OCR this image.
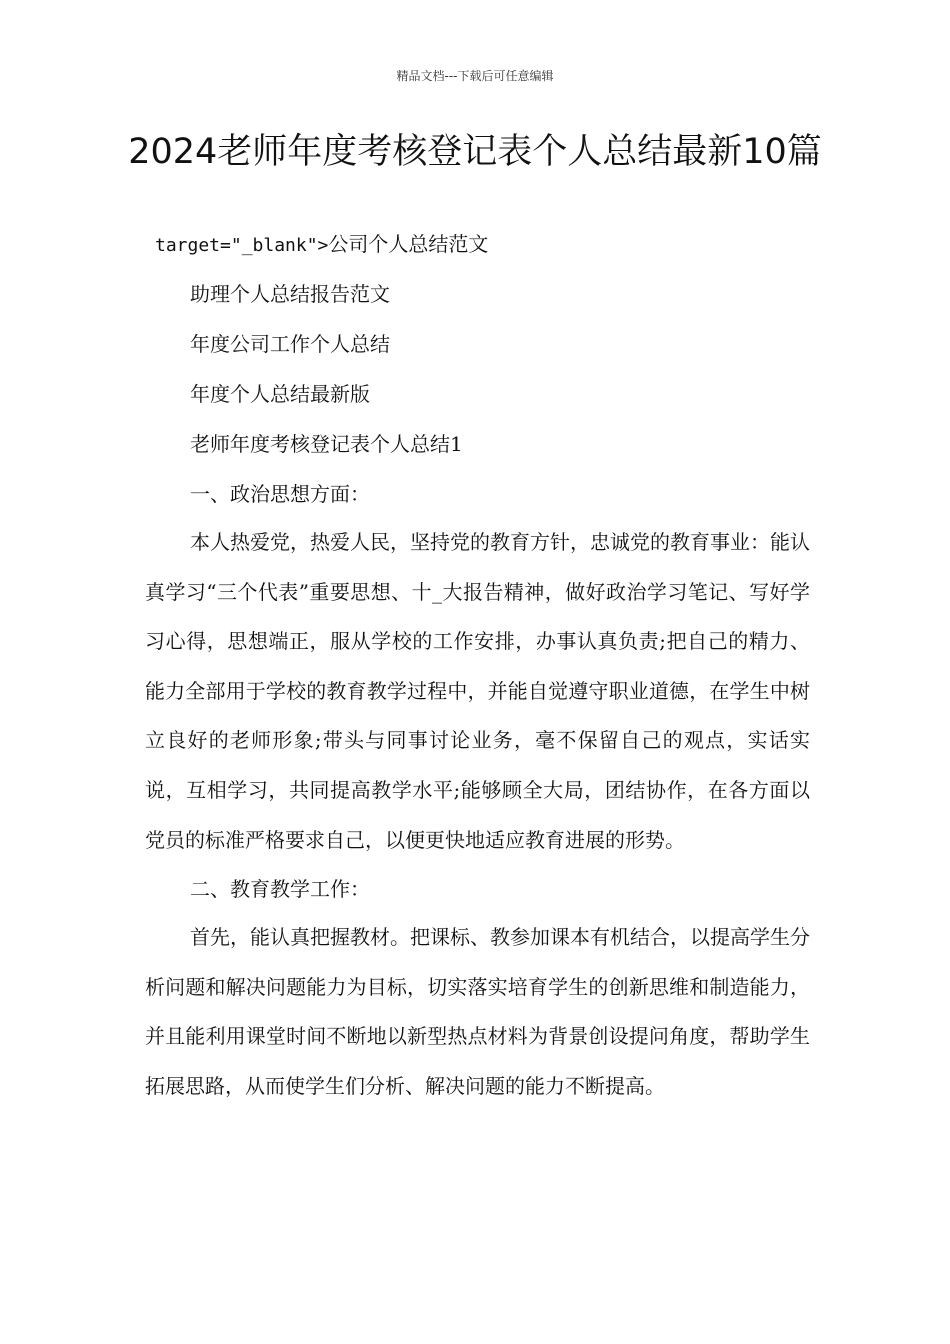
精品文档---下载后可任意编辑
2024老师年度考核登记表个人总结最新10篇
target="_blank">公司个人总结范文
助理个人总结报告范文
年度公司工作个人总结
年度个人总结最新版
老师年度考核登记表个人总结1
一、政治思想方面：

本人热爱党，热爱人民，坚持党的教育方针，忠诚党的教育事业：能认真学习“三个代表”重要思想、十_大报告精神，做好政治学习笔记、写好学习心得，思想端正，服从学校的工作安排，办事认真负责;把自己的精力、能力全部用于学校的教育教学过程中，并能自觉遵守职业道德，在学生中树立良好的老师形象;带头与同事讨论业务，毫不保留自己的观点，实话实说，互相学习，共同提高教学水平;能够顾全大局，团结协作，在各方面以党员的标准严格要求自己，以便更快地适应教育进展的形势。

二、教育教学工作：

首先，能认真把握教材。把课标、教参加课本有机结合，以提高学生分析问题和解决问题能力为目标，切实落实培育学生的创新思维和制造能力，并且能利用课堂时间不断地以新型热点材料为背景创设提问角度，帮助学生拓展思路，从而使学生们分析、解决问题的能力不断提高。
